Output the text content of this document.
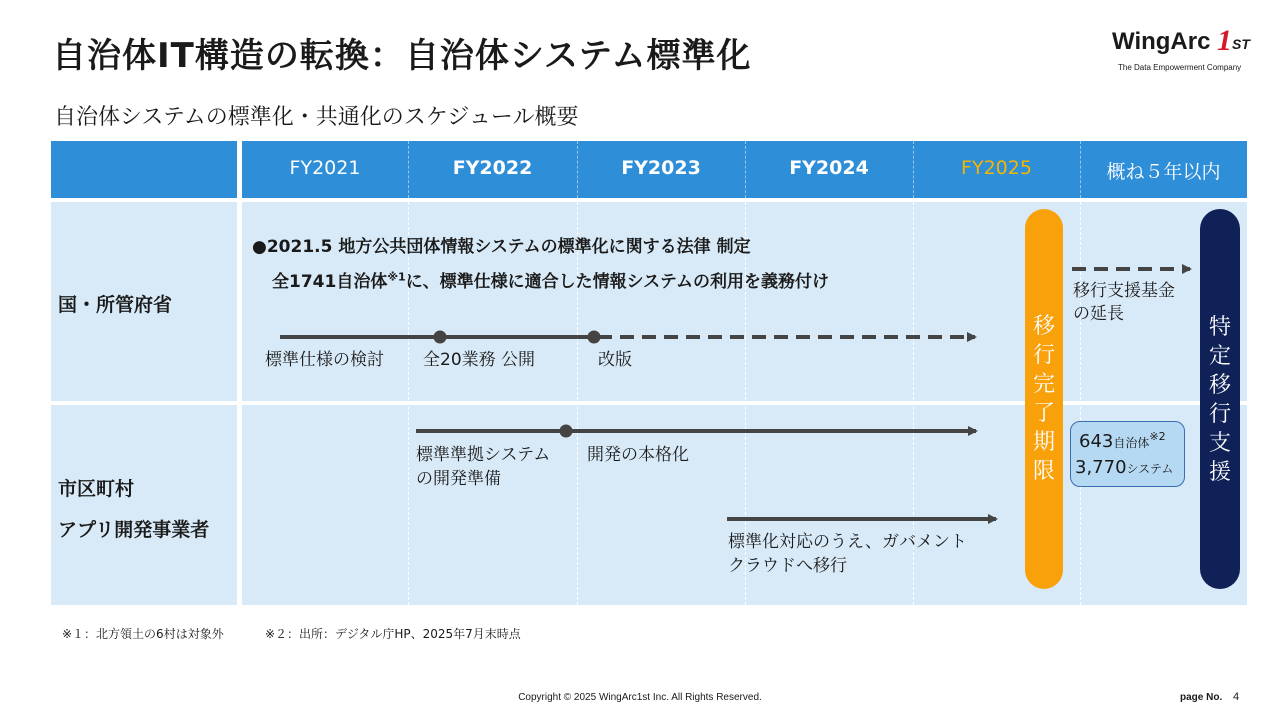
自治体IT構造の転換：自治体システム標準化
自治体システムの標準化・共通化のスケジュール概要
WingArc 1 ST
The Data Empowerment Company
FY2021	FY2022	FY2023	FY2024	FY2025	概ね５年以内
国・所管府省
市区町村
アプリ開発事業者
●2021.5 地方公共団体情報システムの標準化に関する法律 制定
全1741自治体$^{※1}$に、標準仕様に適合した情報システムの利用を義務付け
標準仕様の検討 全20業務 公開	改版
移行支援基金
の延長
標準準拠システム
の開発準備
開発の本格化
標準化対応のうえ、ガバメント
クラウドへ移行
移
行
完
了
期
限
特
定
移
行
支
援
643自治体$^{※2}$
3,770システム
※１：北方領土の6村は対象外	※２：出所：デジタル庁HP、2025年7月末時点
Copyright © 2025 WingArc1st Inc. All Rights Reserved.	page No. 4
